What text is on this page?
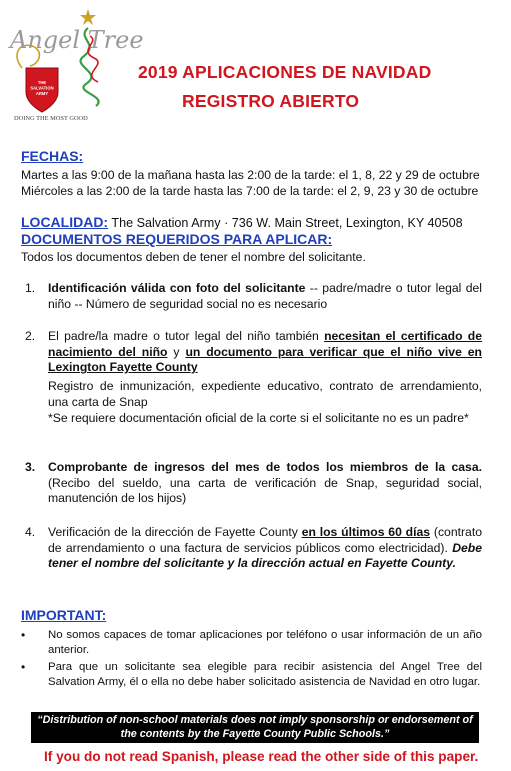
Angel Tree
THE SALVATION ARMY
DOING THE MOST GOOD
2019 APLICACIONES DE NAVIDAD
REGISTRO ABIERTO
FECHAS:
Martes a las 9:00 de la mañana hasta las 2:00 de la tarde: el 1, 8, 22 y 29 de octubre
Miércoles a las 2:00 de la tarde hasta las 7:00 de la tarde: el 2, 9, 23 y 30 de octubre
LOCALIDAD: The Salvation Army · 736 W. Main Street, Lexington, KY 40508
DOCUMENTOS REQUERIDOS PARA APLICAR:
Todos los documentos deben de tener el nombre del solicitante.
1. Identificación válida con foto del solicitante -- padre/madre o tutor legal del niño -- Número de seguridad social no es necesario
2. El padre/la madre o tutor legal del niño también necesitan el certificado de nacimiento del niño y un documento para verificar que el niño vive en Lexington Fayette County
Registro de inmunización, expediente educativo, contrato de arrendamiento, una carta de Snap
*Se requiere documentación oficial de la corte si el solicitante no es un padre*
3. Comprobante de ingresos del mes de todos los miembros de la casa. (Recibo del sueldo, una carta de verificación de Snap, seguridad social, manutención de los hijos)
4. Verificación de la dirección de Fayette County en los últimos 60 días (contrato de arrendamiento o una factura de servicios públicos como electricidad). Debe tener el nombre del solicitante y la dirección actual en Fayette County.
IMPORTANT:
• No somos capaces de tomar aplicaciones por teléfono o usar información de un año anterior.
• Para que un solicitante sea elegible para recibir asistencia del Angel Tree del Salvation Army, él o ella no debe haber solicitado asistencia de Navidad en otro lugar.
“Distribution of non-school materials does not imply sponsorship or endorsement of the contents by the Fayette County Public Schools.”
If you do not read Spanish, please read the other side of this paper.
